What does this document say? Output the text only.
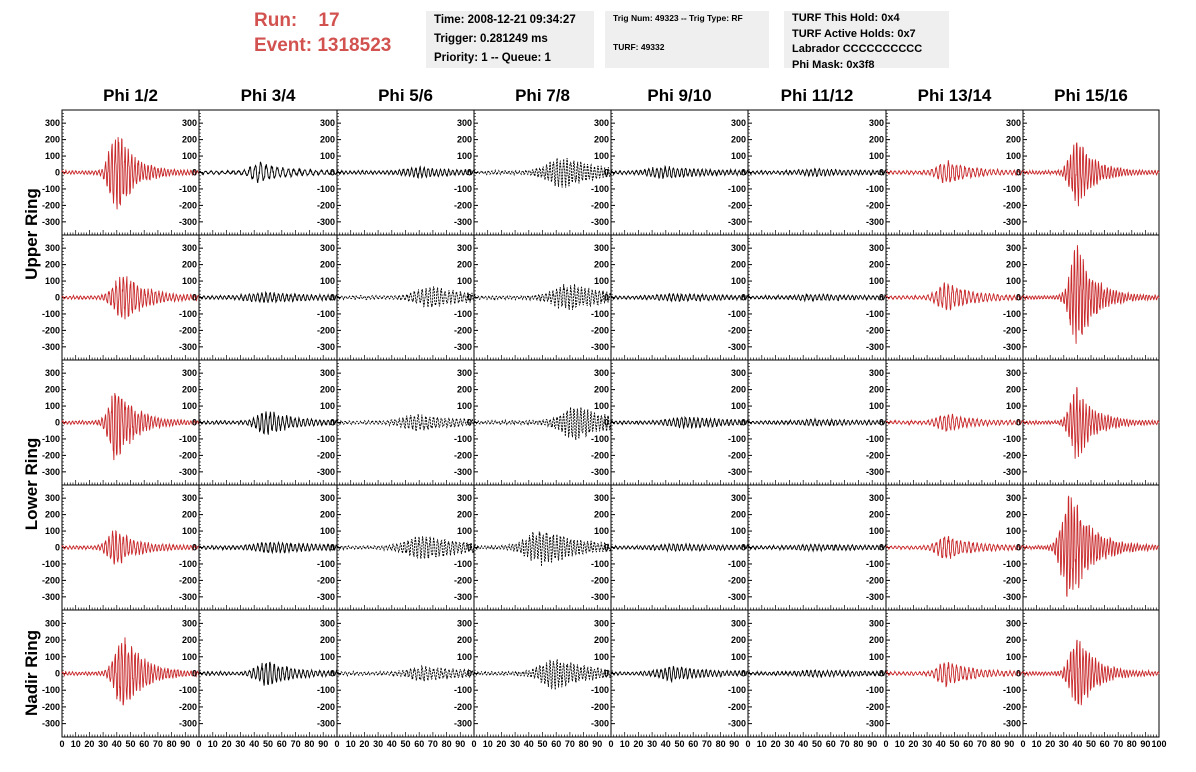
Run: 17
Event: 1318523
Time: 2008-12-21 09:34:27
Trigger: 0.281249 ms
Priority: 1 -- Queue: 1
Trig Num: 49323 -- Trig Type: RF
TURF: 49332
TURF This Hold: 0x4
TURF Active Holds: 0x7
Labrador CCCCCCCCCC
Phi Mask: 0x3f8
Phi 1/2	Phi 3/4	Phi 5/6	Phi 7/8	Phi 9/10	Phi 11/12	Phi 13/14	Phi 15/16
Upper Ring
Lower Ring
Nadir Ring
-300
-200
-100
0
100
200
300
-300
-200
-100
0
100
200
300
-300
-200
-100
0
100
200
300
-300
-200
-100
0
100
200
300
-300
-200
-100
0
100
200
300
-300
-200
-100
0
100
200
300
-300
-200
-100
0
100
200
300
-300
-200
-100
0
100
200
300
-300
-200
-100
0
100
200
300
-300
-200
-100
0
100
200
300
-300
-200
-100
0
100
200
300
-300
-200
-100
0
100
200
300
-300
-200
-100
0
100
200
300
-300
-200
-100
0
100
200
300
-300
-200
-100
0
100
200
300
-300
-200
-100
0
100
200
300
-300
-200
-100
0
100
200
300
-300
-200
-100
0
100
200
300
-300
-200
-100
0
100
200
300
-300
-200
-100
0
100
200
300
-300
-200
-100
0
100
200
300
-300
-200
-100
0
100
200
300
-300
-200
-100
0
100
200
300
-300
-200
-100
0
100
200
300
-300
-200
-100
0
100
200
300
-300
-200
-100
0
100
200
300
-300
-200
-100
0
100
200
300
-300
-200
-100
0
100
200
300
-300
-200
-100
0
100
200
300
-300
-200
-100
0
100
200
300
-300
-200
-100
0
100
200
300
-300
-200
-100
0
100
200
300
-300
-200
-100
0
100
200
300
0 10 20 30 40 50 60 70 80 90
-300
-200
-100
0
100
200
300
0 10 20 30 40 50 60 70 80 90
-300
-200
-100
0
100
200
300
0 10 20 30 40 50 60 70 80 90
-300
-200
-100
0
100
200
300
0 10 20 30 40 50 60 70 80 90
-300
-200
-100
0
100
200
300
0 10 20 30 40 50 60 70 80 90
-300
-200
-100
0
100
200
300
0 10 20 30 40 50 60 70 80 90
-300
-200
-100
0
100
200
300
0 10 20 30 40 50 60 70 80 90
-300
-200
-100
0
100
200
300
0 10 20 30 40 50 60 70 80 90 100
